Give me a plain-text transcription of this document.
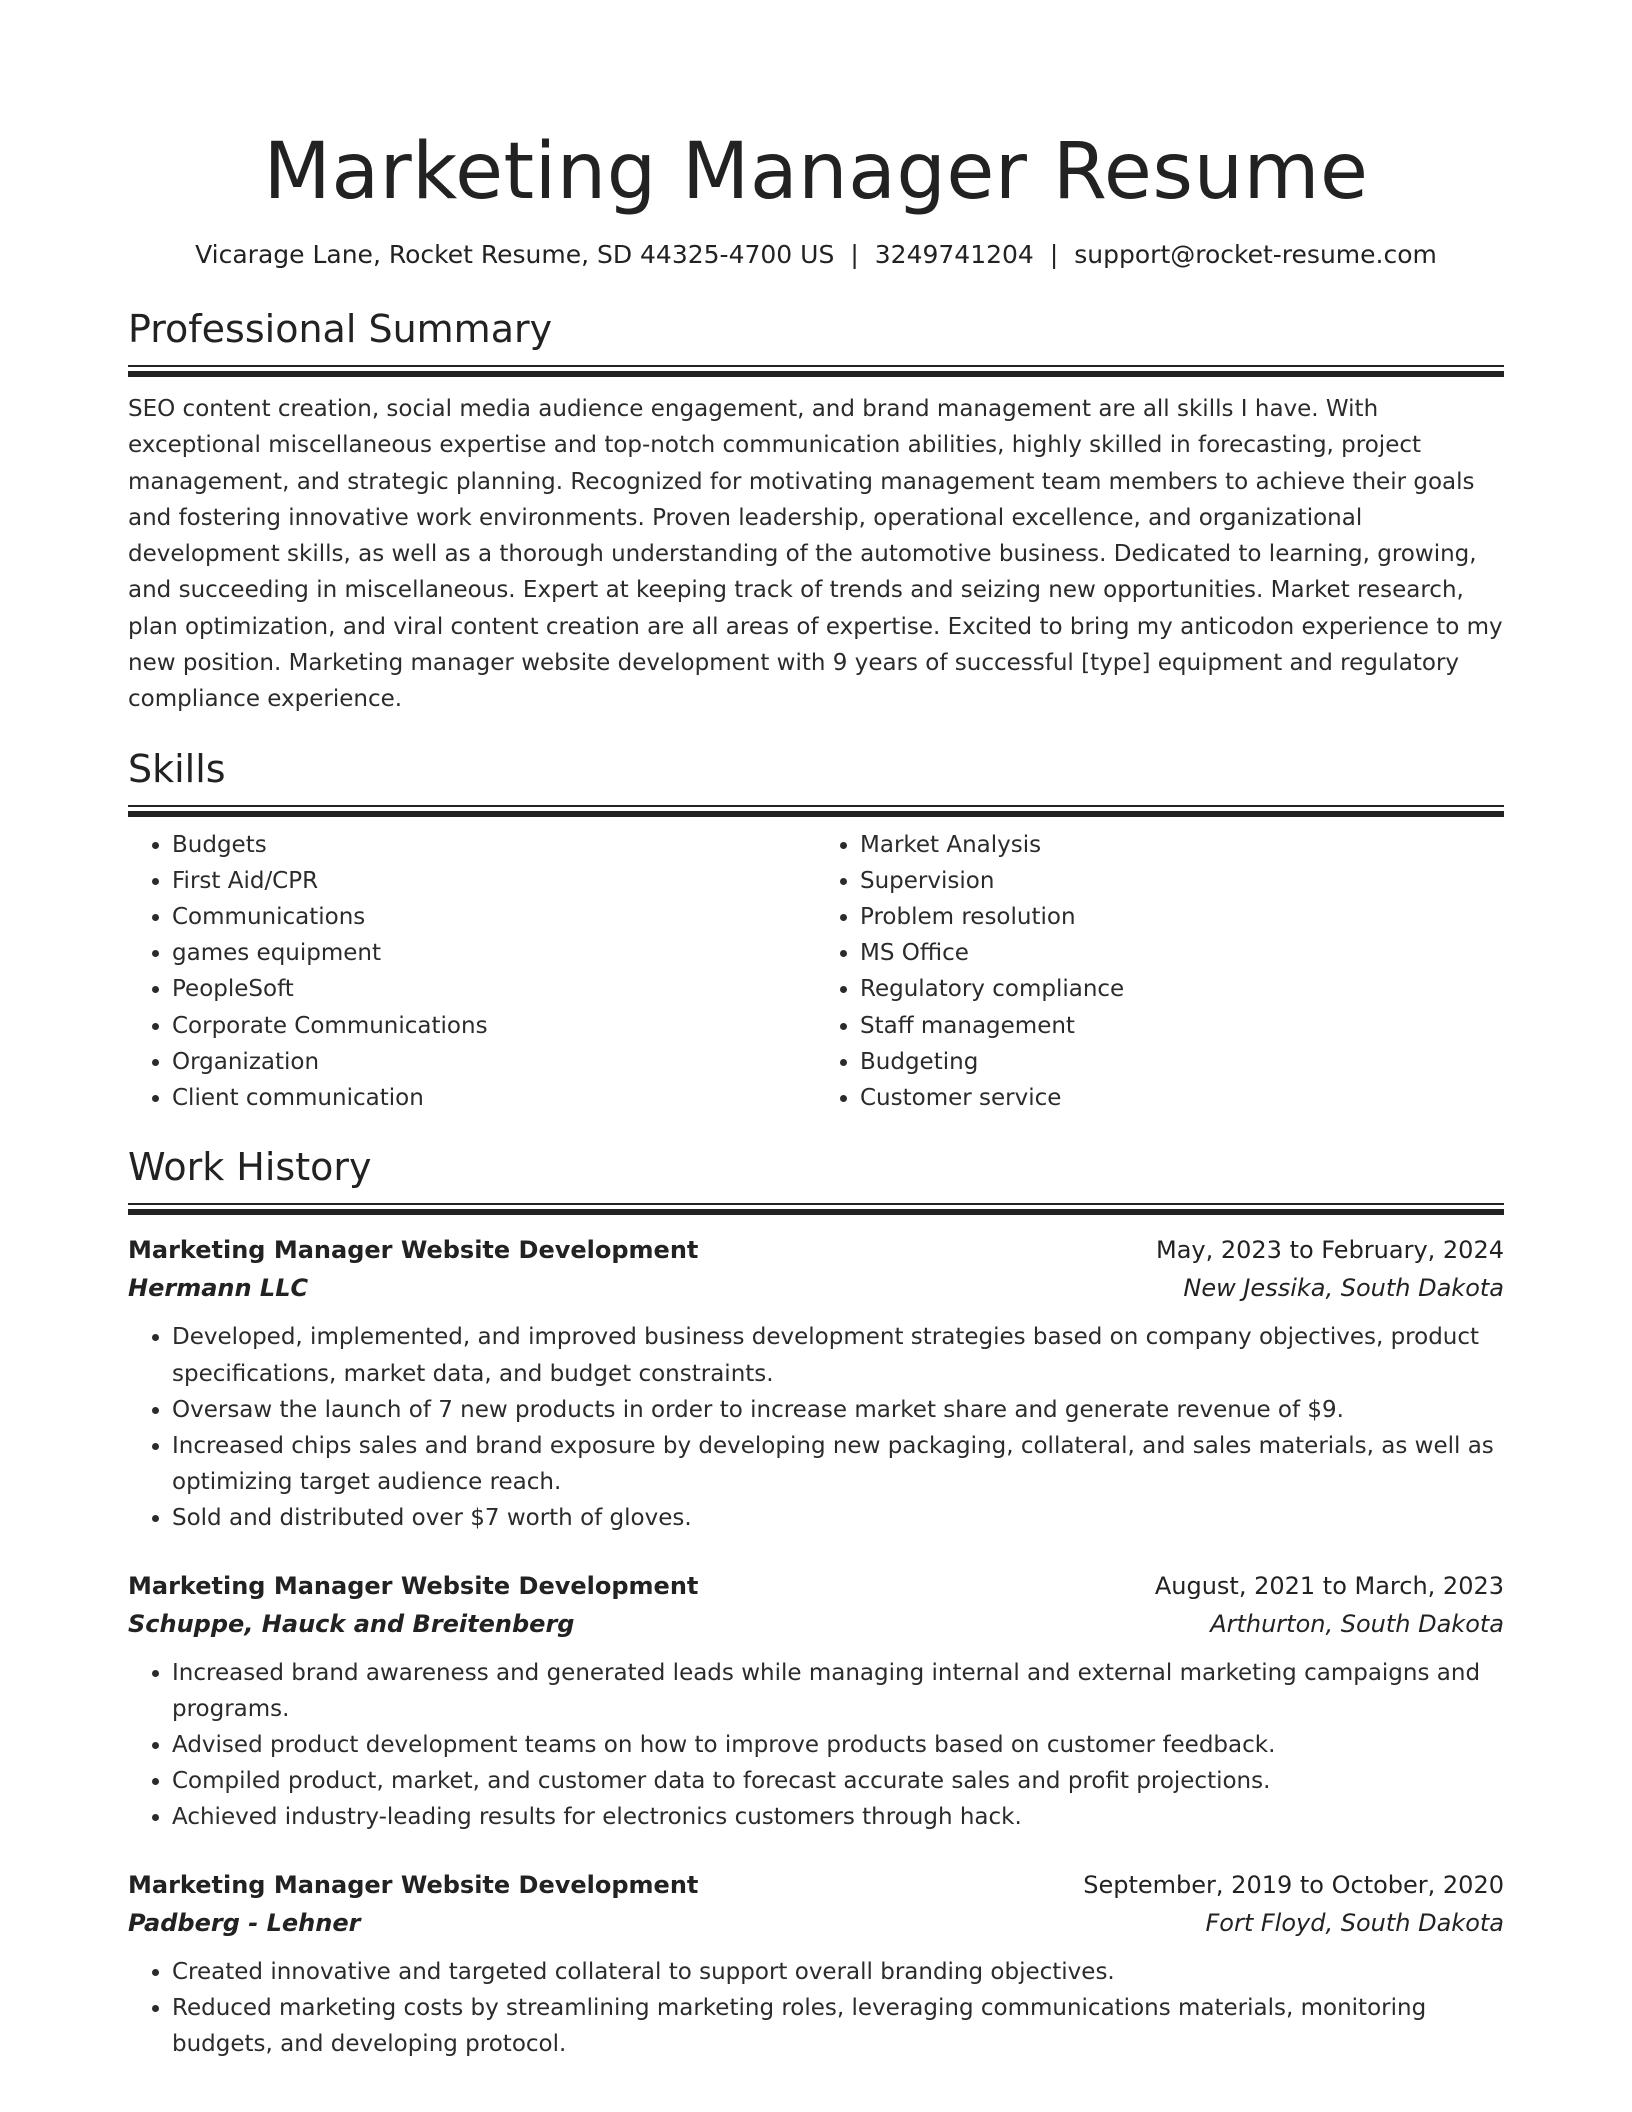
Marketing Manager Resume
Vicarage Lane, Rocket Resume, SD 44325-4700 US | 3249741204 | support@rocket-resume.com
Professional Summary
SEO content creation, social media audience engagement, and brand management are all skills I have. With exceptional miscellaneous expertise and top-notch communication abilities, highly skilled in forecasting, project management, and strategic planning. Recognized for motivating management team members to achieve their goals and fostering innovative work environments. Proven leadership, operational excellence, and organizational development skills, as well as a thorough understanding of the automotive business. Dedicated to learning, growing, and succeeding in miscellaneous. Expert at keeping track of trends and seizing new opportunities. Market research, plan optimization, and viral content creation are all areas of expertise. Excited to bring my anticodon experience to my new position. Marketing manager website development with 9 years of successful [type] equipment and regulatory compliance experience.
Skills
• Budgets
• First Aid/CPR
• Communications
• games equipment
• PeopleSoft
• Corporate Communications
• Organization
• Client communication
• Market Analysis
• Supervision
• Problem resolution
• MS Office
• Regulatory compliance
• Staff management
• Budgeting
• Customer service
Work History
Marketing Manager Website Development	May, 2023 to February, 2024
Hermann LLC	New Jessika, South Dakota
• Developed, implemented, and improved business development strategies based on company objectives, product specifications, market data, and budget constraints.
• Oversaw the launch of 7 new products in order to increase market share and generate revenue of $9.
• Increased chips sales and brand exposure by developing new packaging, collateral, and sales materials, as well as optimizing target audience reach.
• Sold and distributed over $7 worth of gloves.
Marketing Manager Website Development	August, 2021 to March, 2023
Schuppe, Hauck and Breitenberg	Arthurton, South Dakota
• Increased brand awareness and generated leads while managing internal and external marketing campaigns and programs.
• Advised product development teams on how to improve products based on customer feedback.
• Compiled product, market, and customer data to forecast accurate sales and profit projections.
• Achieved industry-leading results for electronics customers through hack.
Marketing Manager Website Development	September, 2019 to October, 2020
Padberg - Lehner	Fort Floyd, South Dakota
• Created innovative and targeted collateral to support overall branding objectives.
• Reduced marketing costs by streamlining marketing roles, leveraging communications materials, monitoring budgets, and developing protocol.
